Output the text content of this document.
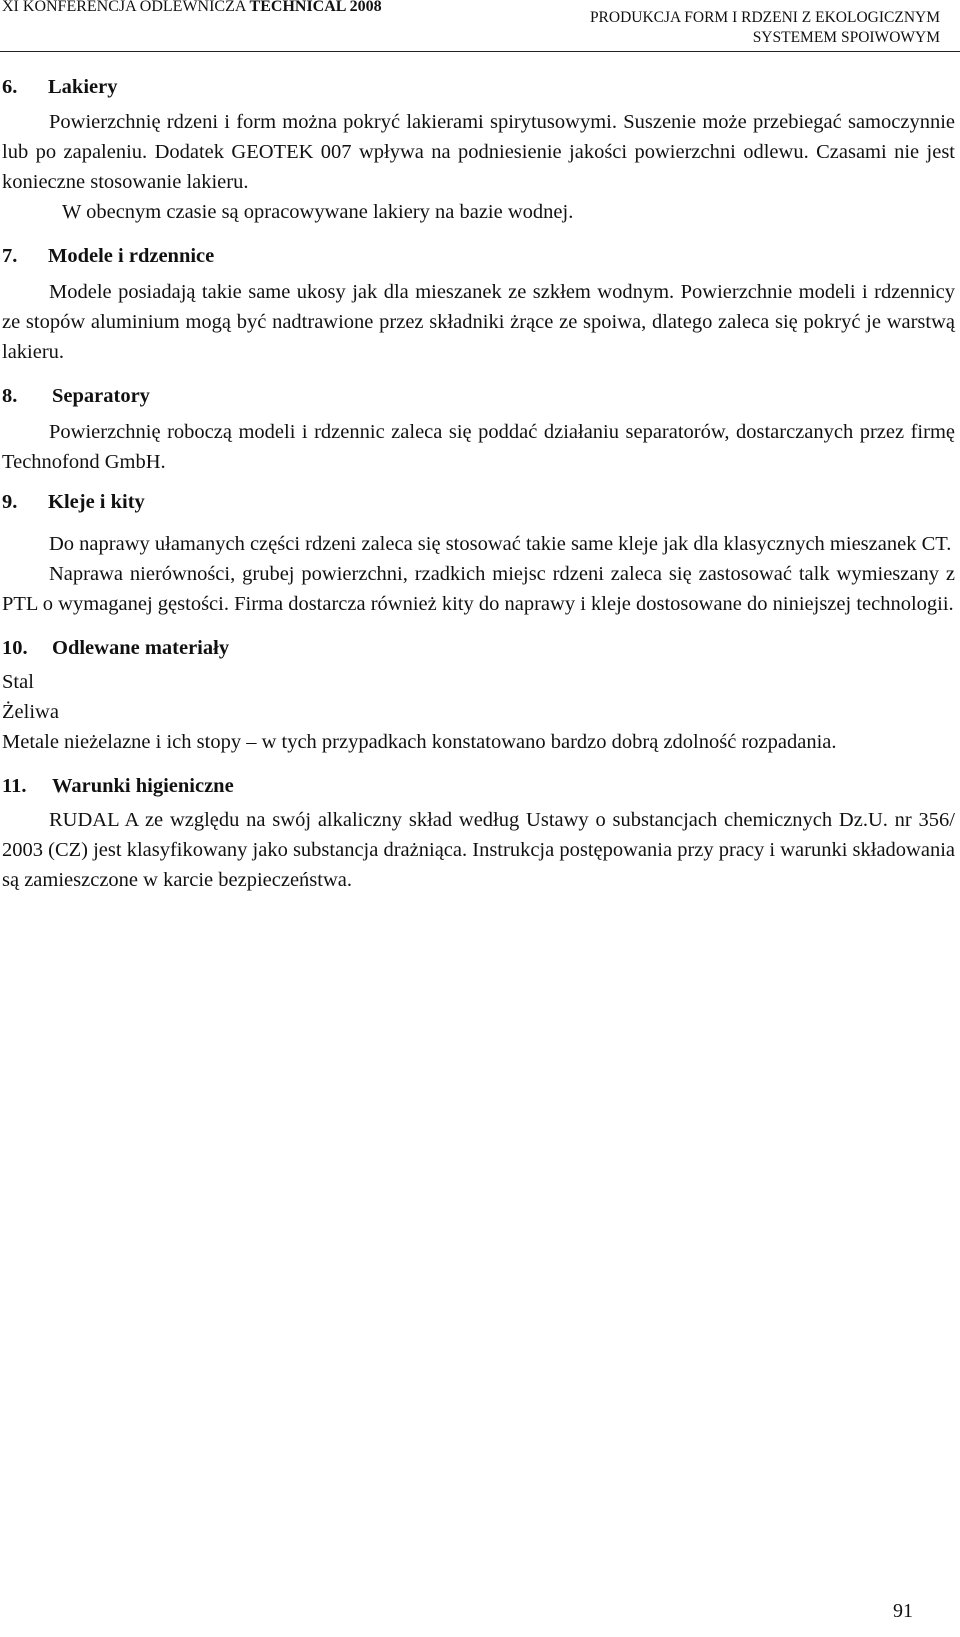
XI KONFERENCJA ODLEWNICZA TECHNICAL 2008
PRODUKCJA FORM I RDZENI Z EKOLOGICZNYM
SYSTEMEM SPOIWOWYM

6. Lakiery

Powierzchnię rdzeni i form można pokryć lakierami spirytusowymi. Suszenie może przebiegać samoczynnie lub po zapaleniu. Dodatek GEOTEK 007 wpływa na podniesienie jakości powierzchni odlewu. Czasami nie jest konieczne stosowanie lakieru.

W obecnym czasie są opracowywane lakiery na bazie wodnej.

7. Modele i rdzennice

Modele posiadają takie same ukosy jak dla mieszanek ze szkłem wodnym. Powierzchnie modeli i rdzennicy ze stopów aluminium mogą być nadtrawione przez składniki żrące ze spoiwa, dlatego zaleca się pokryć je warstwą lakieru.

8. Separatory

Powierzchnię roboczą modeli i rdzennic zaleca się poddać działaniu separatorów, dostarczanych przez firmę Technofond GmbH.

9. Kleje i kity

Do naprawy ułamanych części rdzeni zaleca się stosować takie same kleje jak dla klasycznych mieszanek CT.

Naprawa nierówności, grubej powierzchni, rzadkich miejsc rdzeni zaleca się zastosować talk wymieszany z PTL o wymaganej gęstości. Firma dostarcza również kity do naprawy i kleje dostosowane do niniejszej technologii.

10. Odlewane materiały

Stal

Żeliwa

Metale nieżelazne i ich stopy – w tych przypadkach konstatowano bardzo dobrą zdolność rozpadania.

11. Warunki higieniczne

RUDAL A ze względu na swój alkaliczny skład według Ustawy o substancjach chemicznych Dz.U. nr 356/ 2003 (CZ) jest klasyfikowany jako substancja drażniąca. Instrukcja postępowania przy pracy i warunki składowania są zamieszczone w karcie bezpieczeństwa.

91
